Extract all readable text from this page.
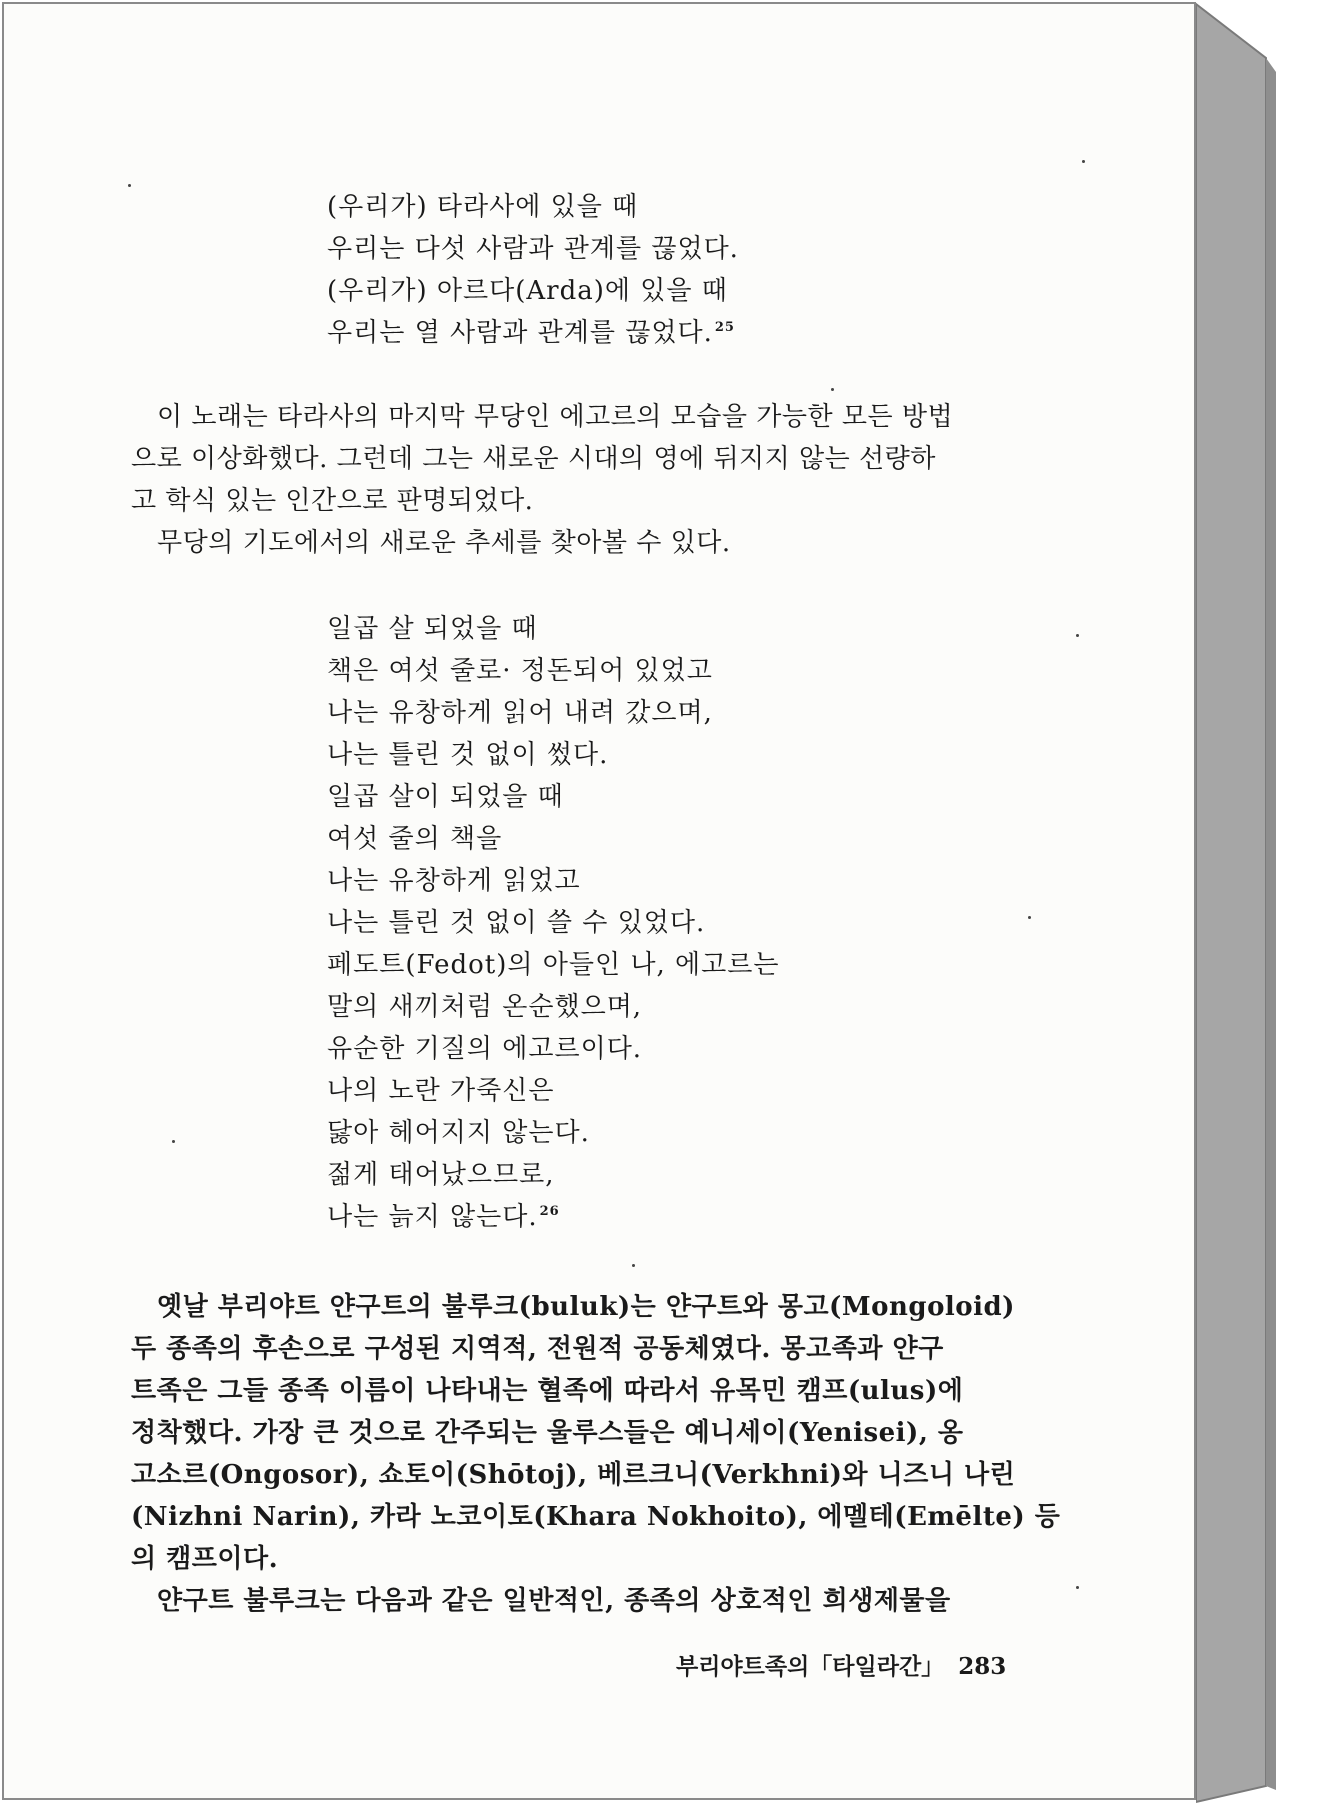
(우리가) 타라사에 있을 때
우리는 다섯 사람과 관계를 끊었다.
(우리가) 아르다(Arda)에 있을 때
우리는 열 사람과 관계를 끊었다. $^{25}$
이 노래는 타라사의 마지막 무당인 에고르의 모습을 가능한 모든 방법
으로 이상화했다. 그런데 그는 새로운 시대의 영에 뒤지지 않는 선량하
고 학식 있는 인간으로 판명되었다.
무당의 기도에서의 새로운 추세를 찾아볼 수 있다.
일곱 살 되었을 때
책은 여섯 줄로· 정돈되어 있었고
나는 유창하게 읽어 내려 갔으며,
나는 틀린 것 없이 썼다.
일곱 살이 되었을 때
여섯 줄의 책을
나는 유창하게 읽었고
나는 틀린 것 없이 쓸 수 있었다.
페도트(Fedot)의 아들인 나, 에고르는
말의 새끼처럼 온순했으며,
유순한 기질의 에고르이다.
나의 노란 가죽신은
닳아 헤어지지 않는다.
젊게 태어났으므로,
나는 늙지 않는다. $^{26}$
옛날 부리야트 얀구트의 불루크(buluk)는 얀구트와 몽고(Mongoloid)
두 종족의 후손으로 구성된 지역적, 전원적 공동체였다. 몽고족과 얀구
트족은 그들 종족 이름이 나타내는 혈족에 따라서 유목민 캠프(ulus)에
정착했다. 가장 큰 것으로 간주되는 울루스들은 예니세이(Yenisei), 옹
고소르(Ongosor), 쇼토이(Shōtoj), 베르크니(Verkhni)와 니즈니 나린
(Nizhni Narin), 카라 노코이토(Khara Nokhoito), 에멜테(Emēlte) 등
의 캠프이다.
얀구트 불루크는 다음과 같은 일반적인, 종족의 상호적인 희생제물을
부리야트족의「타일라간」 283
